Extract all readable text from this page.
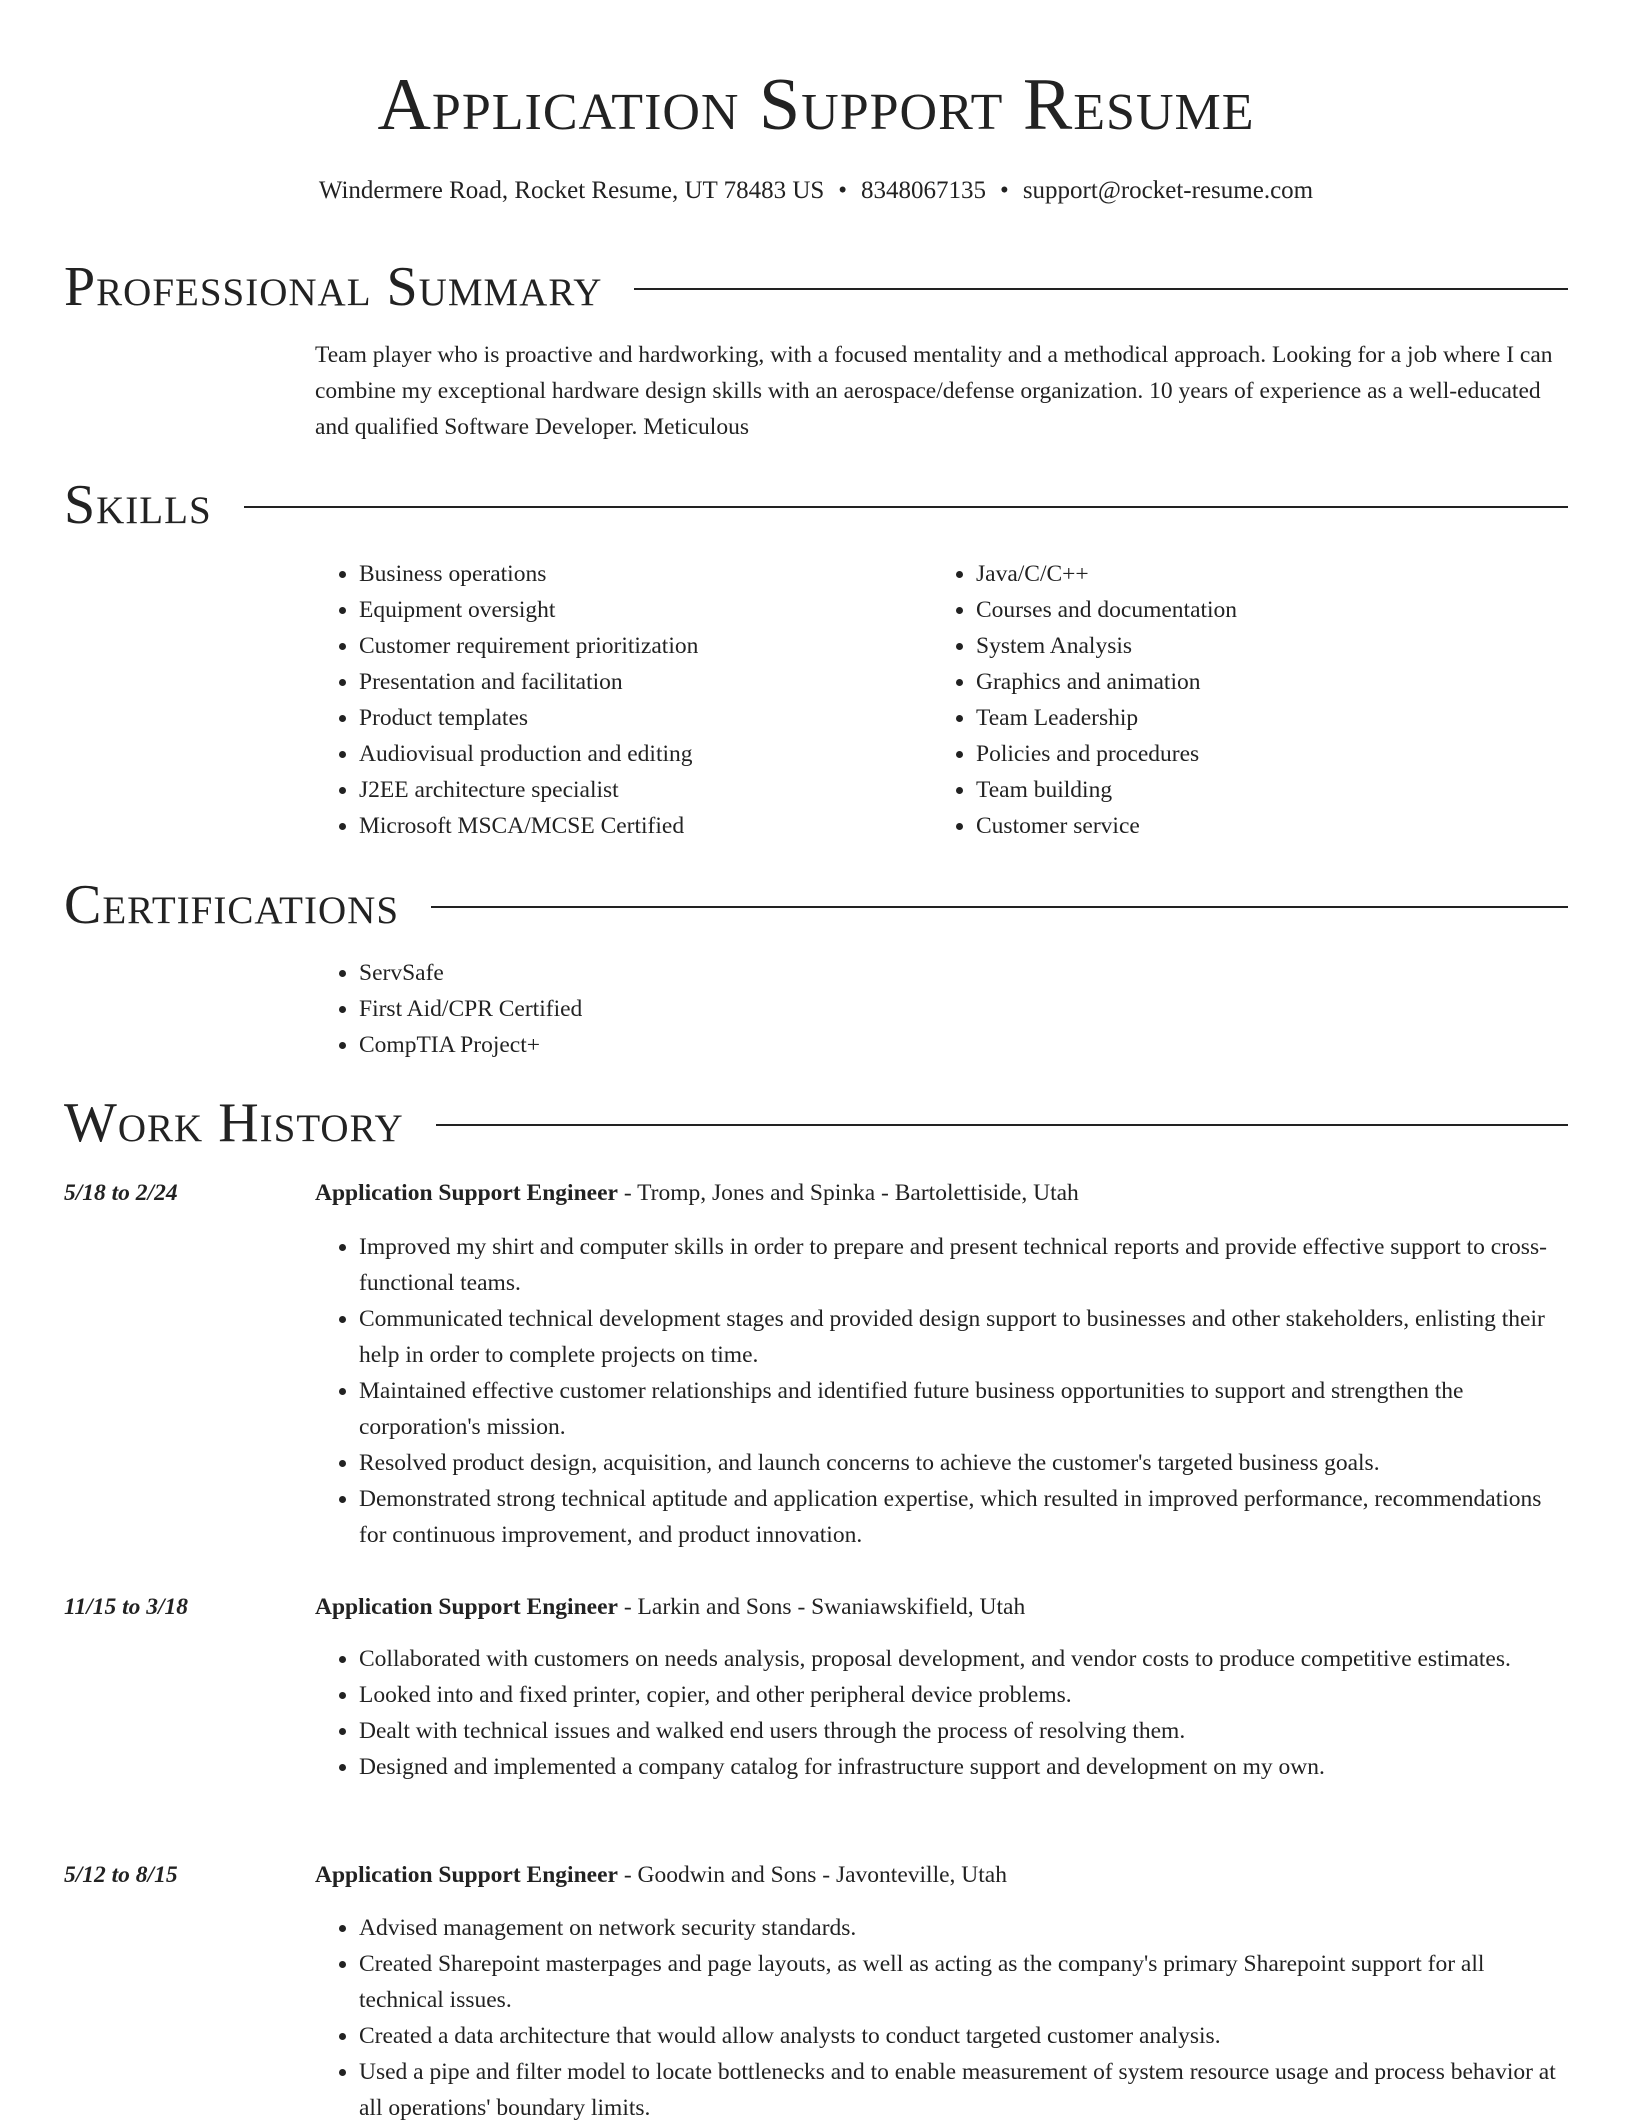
Application Support Resume
Windermere Road, Rocket Resume, UT 78483 US • 8348067135 • support@rocket-resume.com
Professional Summary
Team player who is proactive and hardworking, with a focused mentality and a methodical approach. Looking for a job where I can combine my exceptional hardware design skills with an aerospace/defense organization. 10 years of experience as a well-educated and qualified Software Developer. Meticulous
Skills
• Business operations
• Equipment oversight
• Customer requirement prioritization
• Presentation and facilitation
• Product templates
• Audiovisual production and editing
• J2EE architecture specialist
• Microsoft MSCA/MCSE Certified
• Java/C/C++
• Courses and documentation
• System Analysis
• Graphics and animation
• Team Leadership
• Policies and procedures
• Team building
• Customer service
Certifications
• ServSafe
• First Aid/CPR Certified
• CompTIA Project+
Work History
5/18 to 2/24	Application Support Engineer - Tromp, Jones and Spinka - Bartolettiside, Utah
• Improved my shirt and computer skills in order to prepare and present technical reports and provide effective support to cross-functional teams.
• Communicated technical development stages and provided design support to businesses and other stakeholders, enlisting their help in order to complete projects on time.
• Maintained effective customer relationships and identified future business opportunities to support and strengthen the corporation's mission.
• Resolved product design, acquisition, and launch concerns to achieve the customer's targeted business goals.
• Demonstrated strong technical aptitude and application expertise, which resulted in improved performance, recommendations for continuous improvement, and product innovation.
11/15 to 3/18	Application Support Engineer - Larkin and Sons - Swaniawskifield, Utah
• Collaborated with customers on needs analysis, proposal development, and vendor costs to produce competitive estimates.
• Looked into and fixed printer, copier, and other peripheral device problems.
• Dealt with technical issues and walked end users through the process of resolving them.
• Designed and implemented a company catalog for infrastructure support and development on my own.
5/12 to 8/15	Application Support Engineer - Goodwin and Sons - Javonteville, Utah
• Advised management on network security standards.
• Created Sharepoint masterpages and page layouts, as well as acting as the company's primary Sharepoint support for all technical issues.
• Created a data architecture that would allow analysts to conduct targeted customer analysis.
• Used a pipe and filter model to locate bottlenecks and to enable measurement of system resource usage and process behavior at all operations' boundary limits.
